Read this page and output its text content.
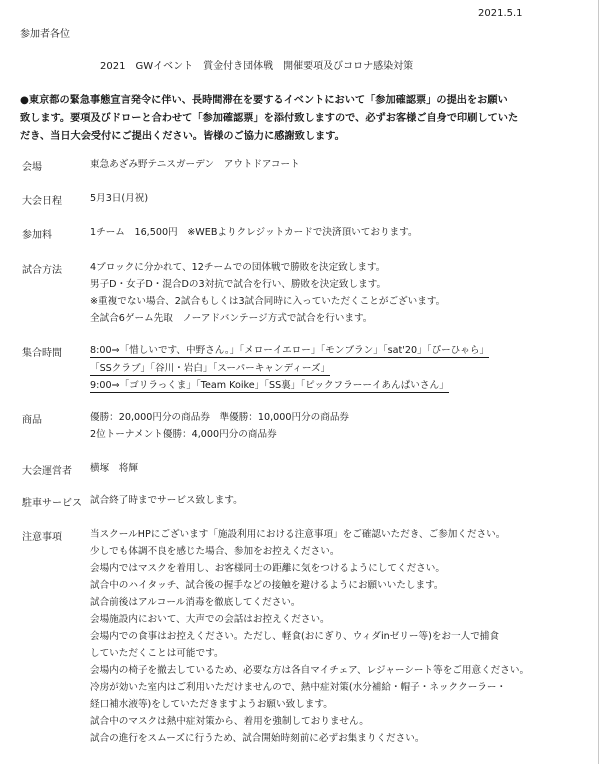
2021.5.1
参加者各位
2021　GWイベント　賞金付き団体戦　開催要項及びコロナ感染対策
●東京都の緊急事態宣言発令に伴い、長時間滞在を要するイベントにおいて「参加確認票」の提出をお願い
致します。要項及びドローと合わせて「参加確認票」を添付致しますので、必ずお客様ご自身で印刷していた
だき、当日大会受付にご提出ください。皆様のご協力に感謝致します。
会場	東急あざみ野テニスガーデン　アウトドアコート
大会日程	5月3日(月祝)
参加料	1チーム　16,500円　※WEBよりクレジットカードで決済頂いております。
試合方法	4ブロックに分かれて、12チームでの団体戦で勝敗を決定致します。
男子D・女子D・混合Dの3対抗で試合を行い、勝敗を決定致します。
※重複でない場合、2試合もしくは3試合同時に入っていただくことがございます。
全試合6ゲーム先取　ノーアドバンテージ方式で試合を行います。
集合時間	8:00⇒「惜しいです、中野さん。」「メローイエロー」「モンブラン」「sat'20」「ぴーひゃら」
「SSクラブ」「谷川・岩白」「スーパーキャンディーズ」
9:00⇒「ゴリラっくま」「Team Koike」「SS裏」「ピックフラーーイあんぱいさん」
商品	優勝：20,000円分の商品券　準優勝：10,000円分の商品券
2位トーナメント優勝：4,000円分の商品券
大会運営者 横塚　将輝
駐車サービス 試合終了時までサービス致します。
注意事項	当スクールHPにございます「施設利用における注意事項」をご確認いただき、ご参加ください。
少しでも体調不良を感じた場合、参加をお控えください。
会場内ではマスクを着用し、お客様同士の距離に気をつけるようにしてください。
試合中のハイタッチ、試合後の握手などの接触を避けるようにお願いいたします。
試合前後はアルコール消毒を徹底してください。
会場施設内において、大声での会話はお控えください。
会場内での食事はお控えください。ただし、軽食(おにぎり、ウィダinゼリー等)をお一人で捕食
していただくことは可能です。
会場内の椅子を撤去しているため、必要な方は各自マイチェア、レジャーシート等をご用意ください。
冷房が効いた室内はご利用いただけませんので、熱中症対策(水分補給・帽子・ネッククーラー・
経口補水液等)をしていただきますようお願い致します。
試合中のマスクは熱中症対策から、着用を強制しておりません。
試合の進行をスムーズに行うため、試合開始時刻前に必ずお集まりください。
